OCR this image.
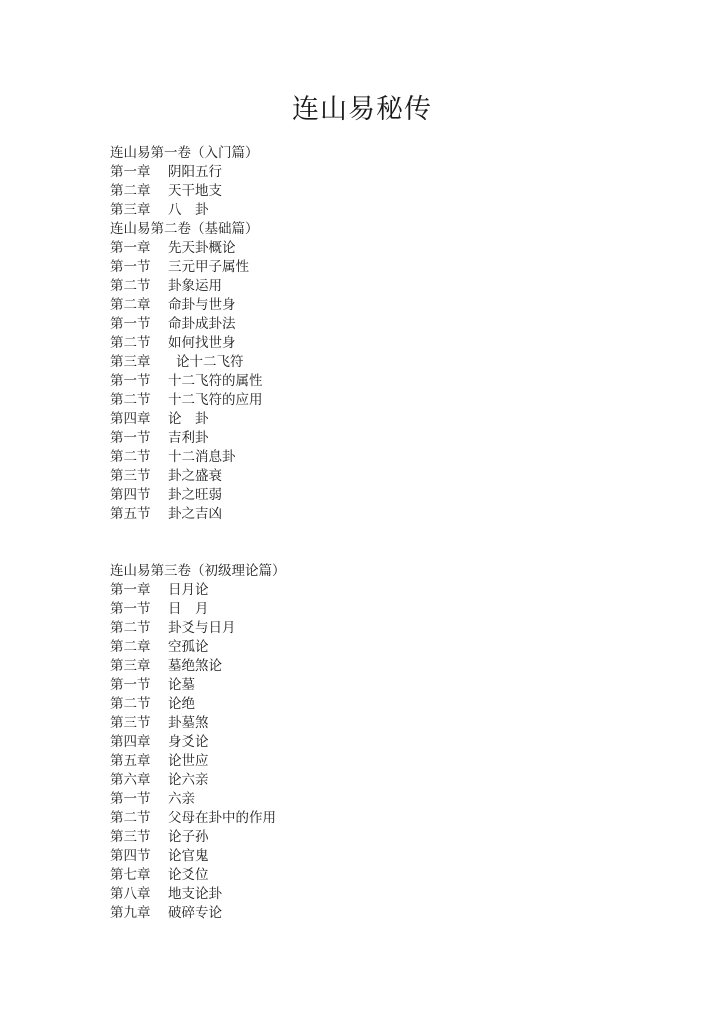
连山易秘传
连山易第一卷（入门篇）
第一章 阴阳五行
第二章 天干地支
第三章 八　卦
连山易第二卷（基础篇）
第一章 先天卦概论
第一节 三元甲子属性
第二节 卦象运用
第二章 命卦与世身
第一节 命卦成卦法
第二节 如何找世身
第三章 论十二飞符
第一节 十二飞符的属性
第二节 十二飞符的应用
第四章 论　卦
第一节 吉利卦
第二节 十二消息卦
第三节 卦之盛衰
第四节 卦之旺弱
第五节 卦之吉凶
连山易第三卷（初级理论篇）
第一章 日月论
第一节 日　月
第二节 卦爻与日月
第二章 空孤论
第三章 墓绝煞论
第一节 论墓
第二节 论绝
第三节 卦墓煞
第四章 身爻论
第五章 论世应
第六章 论六亲
第一节 六亲
第二节 父母在卦中的作用
第三节 论子孙
第四节 论官鬼
第七章 论爻位
第八章 地支论卦
第九章 破碎专论
